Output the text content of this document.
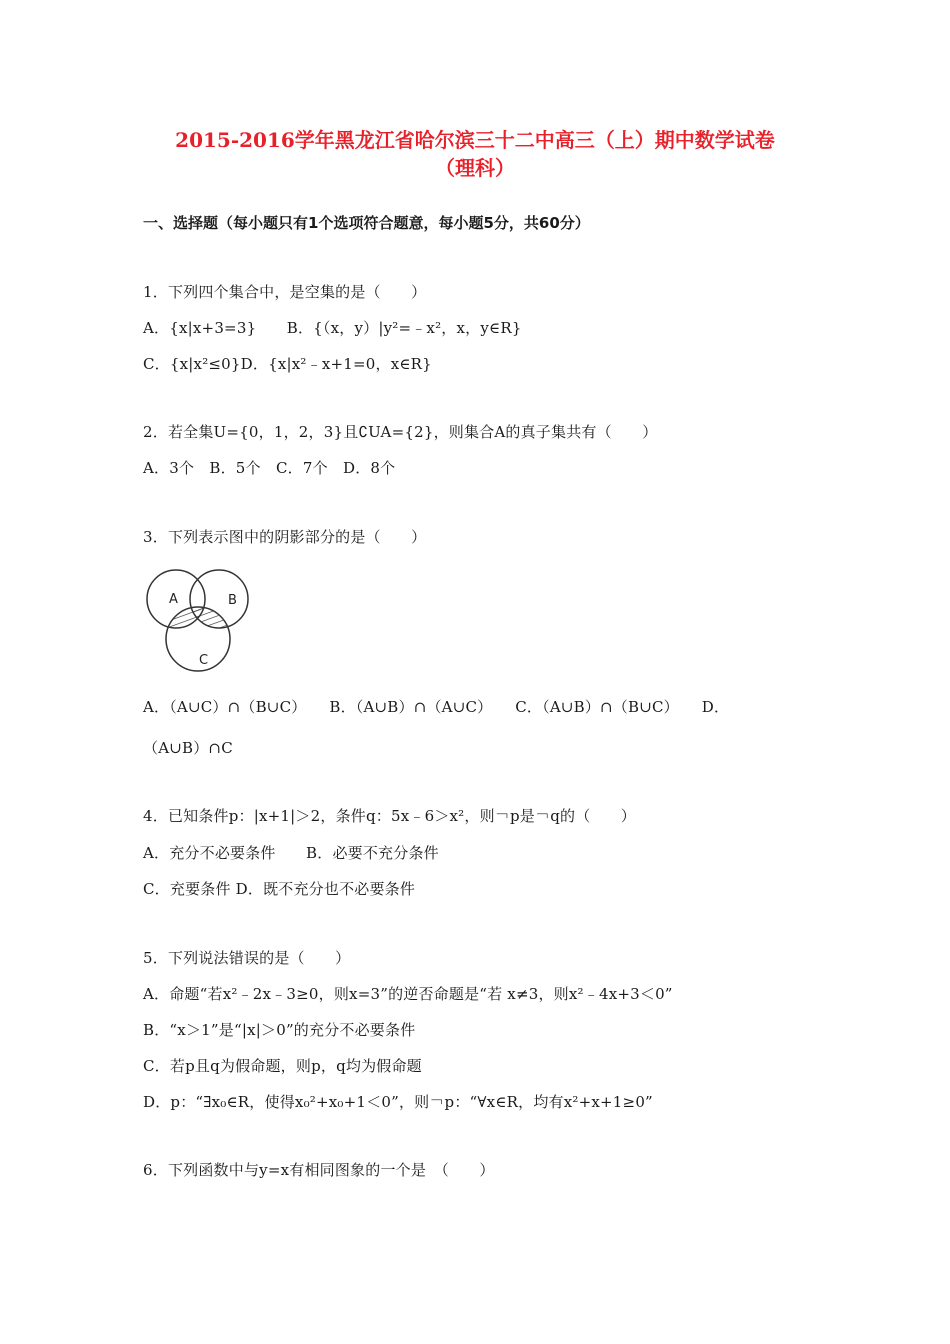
2015-2016学年黑龙江省哈尔滨三十二中高三（上）期中数学试卷
（理科）
一、选择题（每小题只有1个选项符合题意，每小题5分，共60分）
1．下列四个集合中，是空集的是（　　）
A．{x|x+3=3}　　B．{（x，y）|y²=﹣x²，x，y∈R}
C．{x|x²≤0}D．{x|x²﹣x+1=0，x∈R}
2．若全集U={0，1，2，3}且∁UA={2}，则集合A的真子集共有（　　）
A．3个　B．5个　C．7个　D．8个
3．下列表示图中的阴影部分的是（　　）
A	B
C
A．（A∪C）∩（B∪C）　　B．（A∪B）∩（A∪C）　　C．（A∪B）∩（B∪C）　　D．
（A∪B）∩C
4．已知条件p：|x+1|＞2，条件q：5x﹣6＞x²，则￢p是￢q的（　　）
A．充分不必要条件　　B．必要不充分条件
C．充要条件 D．既不充分也不必要条件
5．下列说法错误的是（　　）
A．命题“若x²﹣2x﹣3≥0，则x=3”的逆否命题是“若 x≠3，则x²﹣4x+3＜0”
B．“x＞1”是“|x|＞0”的充分不必要条件
C．若p且q为假命题，则p，q均为假命题
D．p：“∃x₀∈R，使得x₀²+x₀+1＜0”，则￢p：“∀x∈R，均有x²+x+1≥0”
6．下列函数中与y=x有相同图象的一个是　（　　）
